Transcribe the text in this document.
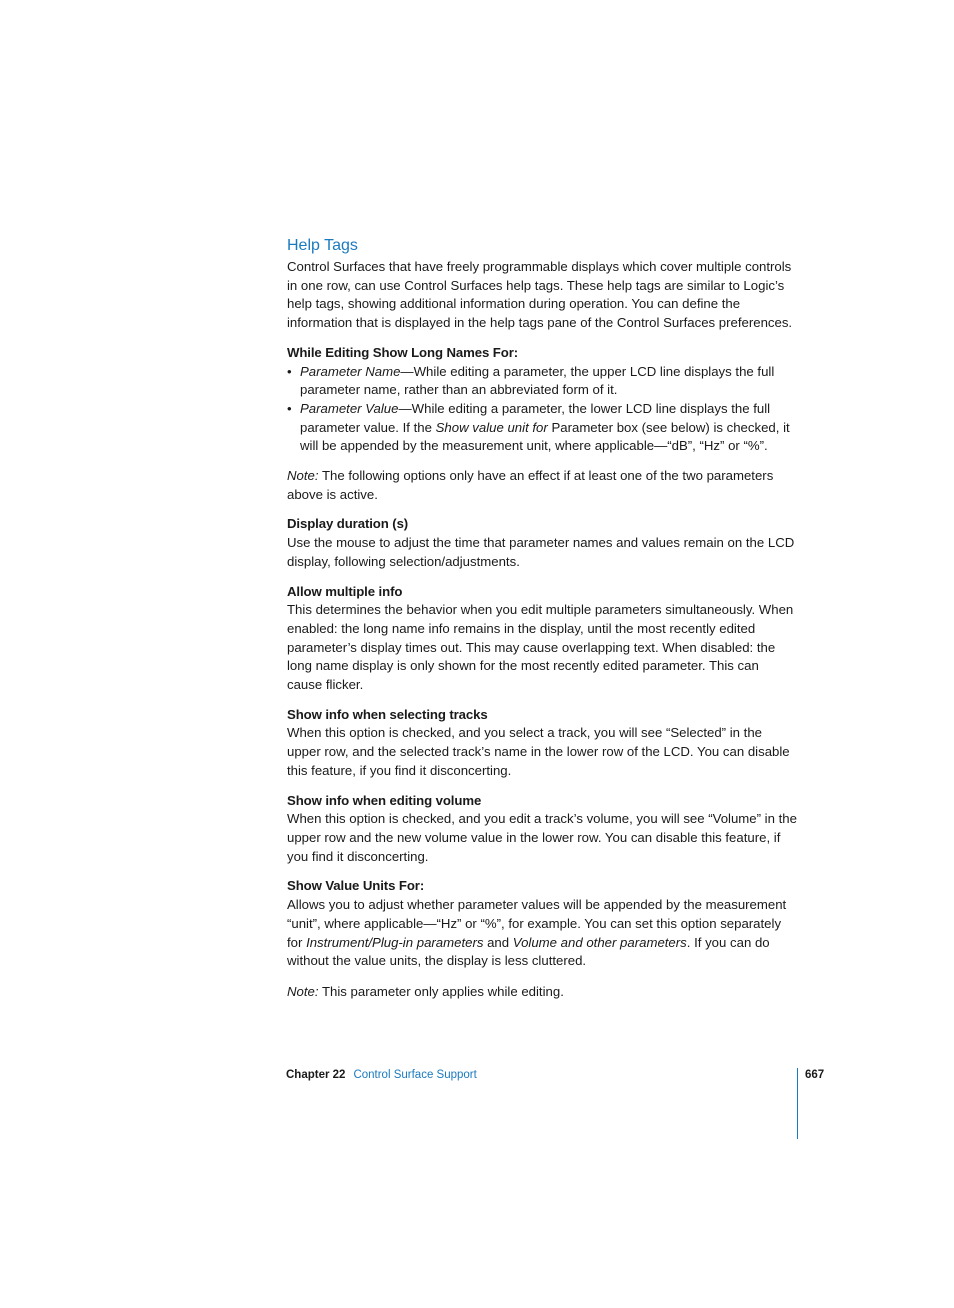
Help Tags

Control Surfaces that have freely programmable displays which cover multiple controls in one row, can use Control Surfaces help tags. These help tags are similar to Logic’s help tags, showing additional information during operation. You can define the information that is displayed in the help tags pane of the Control Surfaces preferences.

While Editing Show Long Names For:

• Parameter Name—While editing a parameter, the upper LCD line displays the full parameter name, rather than an abbreviated form of it.
• Parameter Value—While editing a parameter, the lower LCD line displays the full parameter value. If the Show value unit for Parameter box (see below) is checked, it will be appended by the measurement unit, where applicable—“dB”, “Hz” or “%”.

Note: The following options only have an effect if at least one of the two parameters above is active.

Display duration (s)

Use the mouse to adjust the time that parameter names and values remain on the LCD display, following selection/adjustments.

Allow multiple info

This determines the behavior when you edit multiple parameters simultaneously. When enabled: the long name info remains in the display, until the most recently edited parameter’s display times out. This may cause overlapping text. When disabled: the long name display is only shown for the most recently edited parameter. This can cause flicker.

Show info when selecting tracks

When this option is checked, and you select a track, you will see “Selected” in the upper row, and the selected track’s name in the lower row of the LCD. You can disable this feature, if you find it disconcerting.

Show info when editing volume

When this option is checked, and you edit a track’s volume, you will see “Volume” in the upper row and the new volume value in the lower row. You can disable this feature, if you find it disconcerting.

Show Value Units For:

Allows you to adjust whether parameter values will be appended by the measurement “unit”, where applicable—“Hz” or “%”, for example. You can set this option separately for Instrument/Plug-in parameters and Volume and other parameters. If you can do without the value units, the display is less cluttered.

Note: This parameter only applies while editing.

Chapter 22 Control Surface Support	667
